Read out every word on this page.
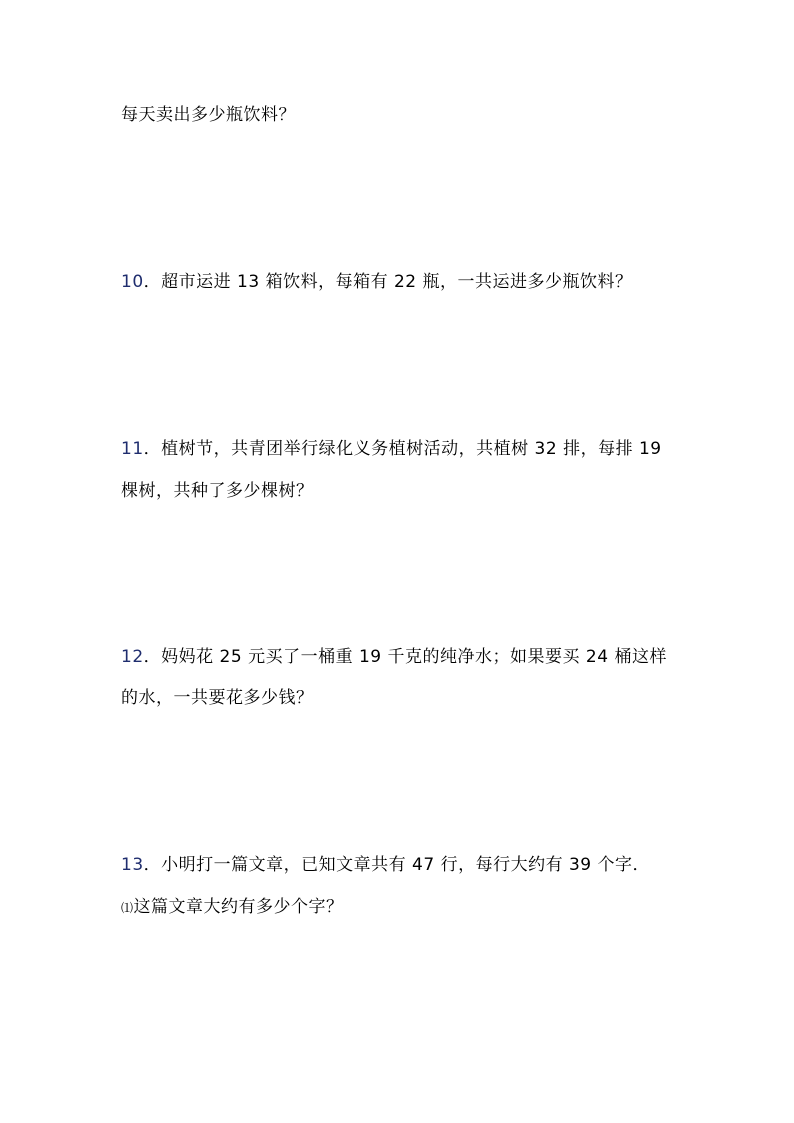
每天卖出多少瓶饮料？
10．超市运进 13 箱饮料，每箱有 22 瓶，一共运进多少瓶饮料？
11．植树节，共青团举行绿化义务植树活动，共植树 32 排，每排 19
棵树，共种了多少棵树？
12．妈妈花 25 元买了一桶重 19 千克的纯净水；如果要买 24 桶这样
的水，一共要花多少钱？
13．小明打一篇文章，已知文章共有 47 行，每行大约有 39 个字．
⑴这篇文章大约有多少个字？
